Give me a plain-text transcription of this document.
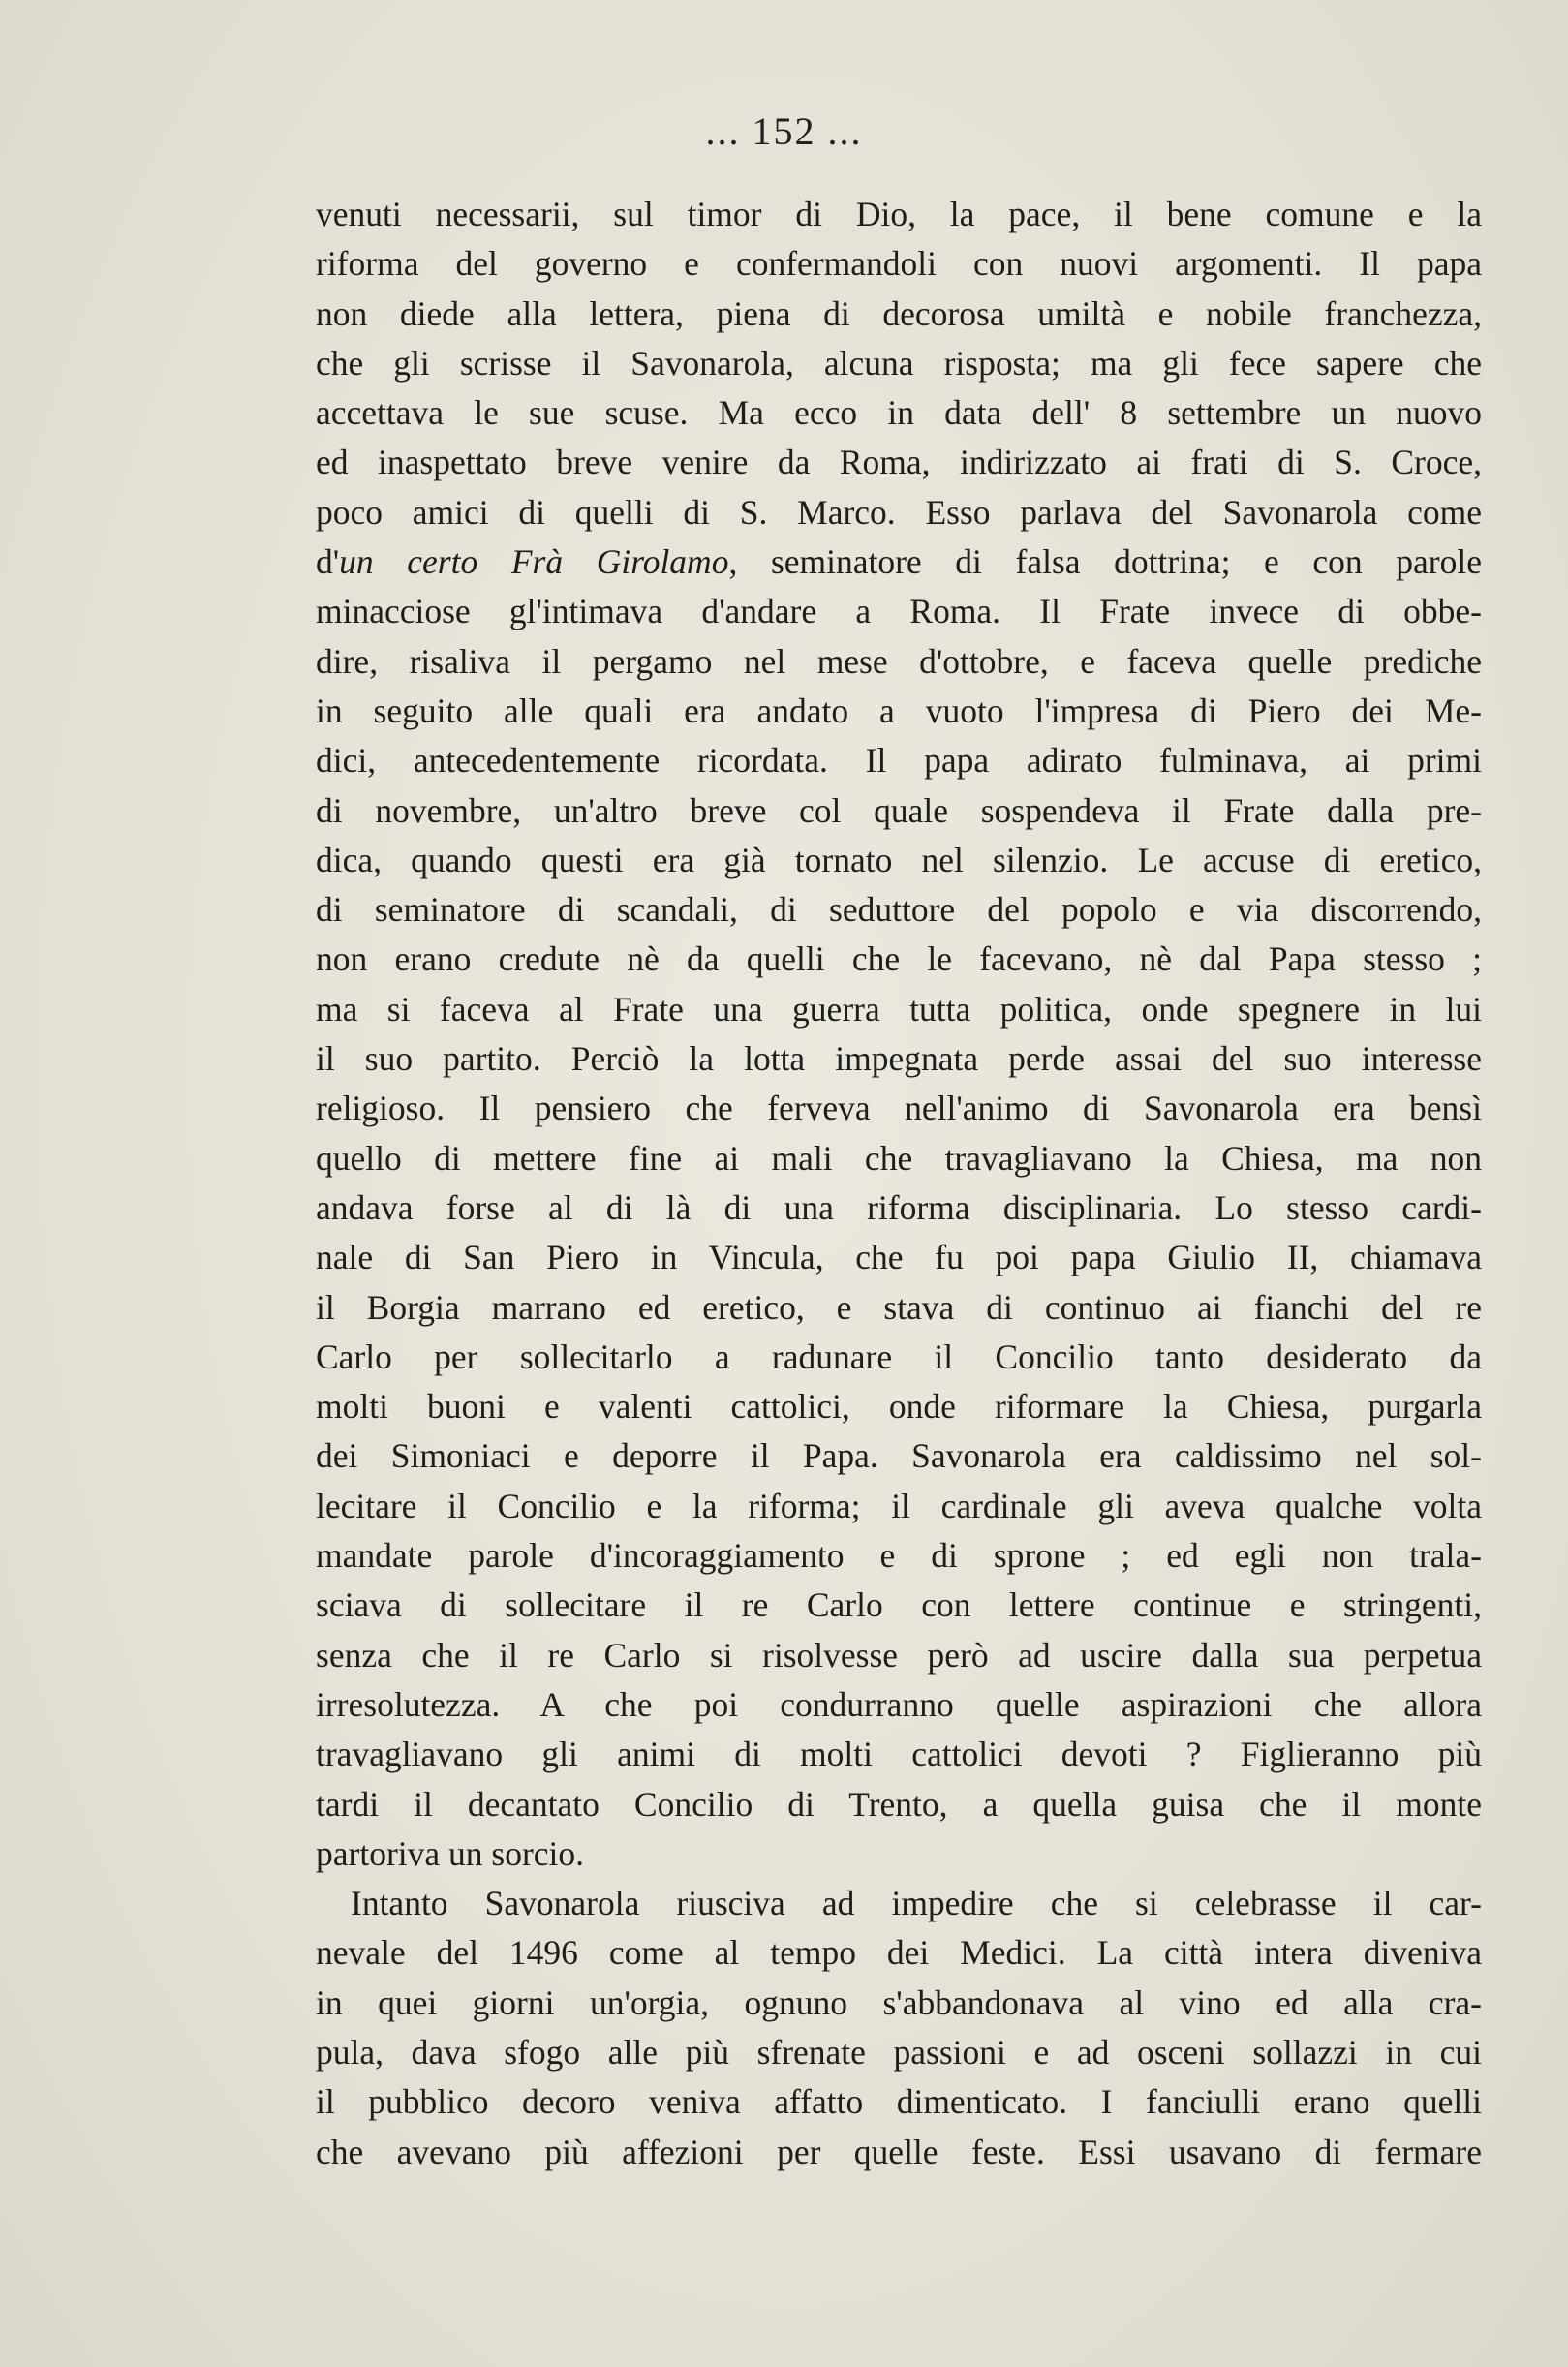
... 152 ...
venuti necessarii, sul timor di Dio, la pace, il bene comune e la
riforma del governo e confermandoli con nuovi argomenti. Il papa
non diede alla lettera, piena di decorosa umiltà e nobile franchezza,
che gli scrisse il Savonarola, alcuna risposta; ma gli fece sapere che
accettava le sue scuse. Ma ecco in data dell' 8 settembre un nuovo
ed inaspettato breve venire da Roma, indirizzato ai frati di S. Croce,
poco amici di quelli di S. Marco. Esso parlava del Savonarola come
d'un certo Frà Girolamo, seminatore di falsa dottrina; e con parole
minacciose gl'intimava d'andare a Roma. Il Frate invece di obbe-
dire, risaliva il pergamo nel mese d'ottobre, e faceva quelle prediche
in seguito alle quali era andato a vuoto l'impresa di Piero dei Me-
dici, antecedentemente ricordata. Il papa adirato fulminava, ai primi
di novembre, un'altro breve col quale sospendeva il Frate dalla pre-
dica, quando questi era già tornato nel silenzio. Le accuse di eretico,
di seminatore di scandali, di seduttore del popolo e via discorrendo,
non erano credute nè da quelli che le facevano, nè dal Papa stesso ;
ma si faceva al Frate una guerra tutta politica, onde spegnere in lui
il suo partito. Perciò la lotta impegnata perde assai del suo interesse
religioso. Il pensiero che ferveva nell'animo di Savonarola era bensì
quello di mettere fine ai mali che travagliavano la Chiesa, ma non
andava forse al di là di una riforma disciplinaria. Lo stesso cardi-
nale di San Piero in Vincula, che fu poi papa Giulio II, chiamava
il Borgia marrano ed eretico, e stava di continuo ai fianchi del re
Carlo per sollecitarlo a radunare il Concilio tanto desiderato da
molti buoni e valenti cattolici, onde riformare la Chiesa, purgarla
dei Simoniaci e deporre il Papa. Savonarola era caldissimo nel sol-
lecitare il Concilio e la riforma; il cardinale gli aveva qualche volta
mandate parole d'incoraggiamento e di sprone ; ed egli non trala-
sciava di sollecitare il re Carlo con lettere continue e stringenti,
senza che il re Carlo si risolvesse però ad uscire dalla sua perpetua
irresolutezza. A che poi condurranno quelle aspirazioni che allora
travagliavano gli animi di molti cattolici devoti ? Figlieranno più
tardi il decantato Concilio di Trento, a quella guisa che il monte
partoriva un sorcio.
Intanto Savonarola riusciva ad impedire che si celebrasse il car-
nevale del 1496 come al tempo dei Medici. La città intera diveniva
in quei giorni un'orgia, ognuno s'abbandonava al vino ed alla cra-
pula, dava sfogo alle più sfrenate passioni e ad osceni sollazzi in cui
il pubblico decoro veniva affatto dimenticato. I fanciulli erano quelli
che avevano più affezioni per quelle feste. Essi usavano di fermare
